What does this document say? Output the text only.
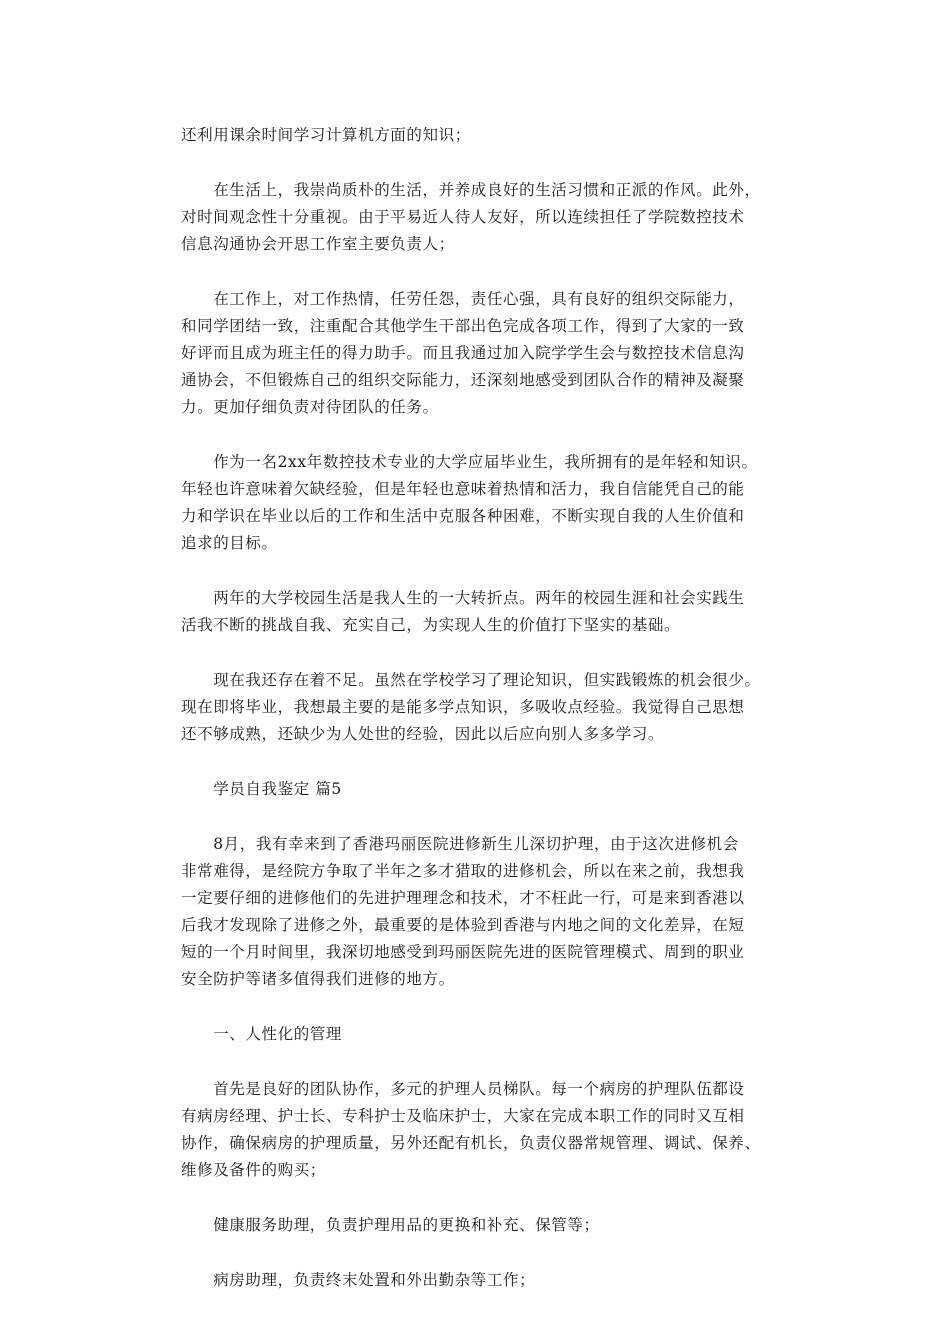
还利用课余时间学习计算机方面的知识；

　　在生活上，我崇尚质朴的生活，并养成良好的生活习惯和正派的作风。此外，
对时间观念性十分重视。由于平易近人待人友好，所以连续担任了学院数控技术
信息沟通协会开思工作室主要负责人；

　　在工作上，对工作热情，任劳任怨，责任心强，具有良好的组织交际能力，
和同学团结一致，注重配合其他学生干部出色完成各项工作，得到了大家的一致
好评而且成为班主任的得力助手。而且我通过加入院学学生会与数控技术信息沟
通协会，不但锻炼自己的组织交际能力，还深刻地感受到团队合作的精神及凝聚
力。更加仔细负责对待团队的任务。

　　作为一名2xx年数控技术专业的大学应届毕业生，我所拥有的是年轻和知识。
年轻也许意味着欠缺经验，但是年轻也意味着热情和活力，我自信能凭自己的能
力和学识在毕业以后的工作和生活中克服各种困难，不断实现自我的人生价值和
追求的目标。

　　两年的大学校园生活是我人生的一大转折点。两年的校园生涯和社会实践生
活我不断的挑战自我、充实自己，为实现人生的价值打下坚实的基础。

　　现在我还存在着不足。虽然在学校学习了理论知识，但实践锻炼的机会很少。
现在即将毕业，我想最主要的是能多学点知识，多吸收点经验。我觉得自己思想
还不够成熟，还缺少为人处世的经验，因此以后应向别人多多学习。

　　学员自我鉴定 篇5

　　8月，我有幸来到了香港玛丽医院进修新生儿深切护理，由于这次进修机会
非常难得，是经院方争取了半年之多才猎取的进修机会，所以在来之前，我想我
一定要仔细的进修他们的先进护理理念和技术，才不枉此一行，可是来到香港以
后我才发现除了进修之外，最重要的是体验到香港与内地之间的文化差异，在短
短的一个月时间里，我深切地感受到玛丽医院先进的医院管理模式、周到的职业
安全防护等诸多值得我们进修的地方。

　　一、人性化的管理

　　首先是良好的团队协作，多元的护理人员梯队。每一个病房的护理队伍都设
有病房经理、护士长、专科护士及临床护士，大家在完成本职工作的同时又互相
协作，确保病房的护理质量，另外还配有机长，负责仪器常规管理、调试、保养、
维修及备件的购买；

　　健康服务助理，负责护理用品的更换和补充、保管等；

　　病房助理，负责终末处置和外出勤杂等工作；
